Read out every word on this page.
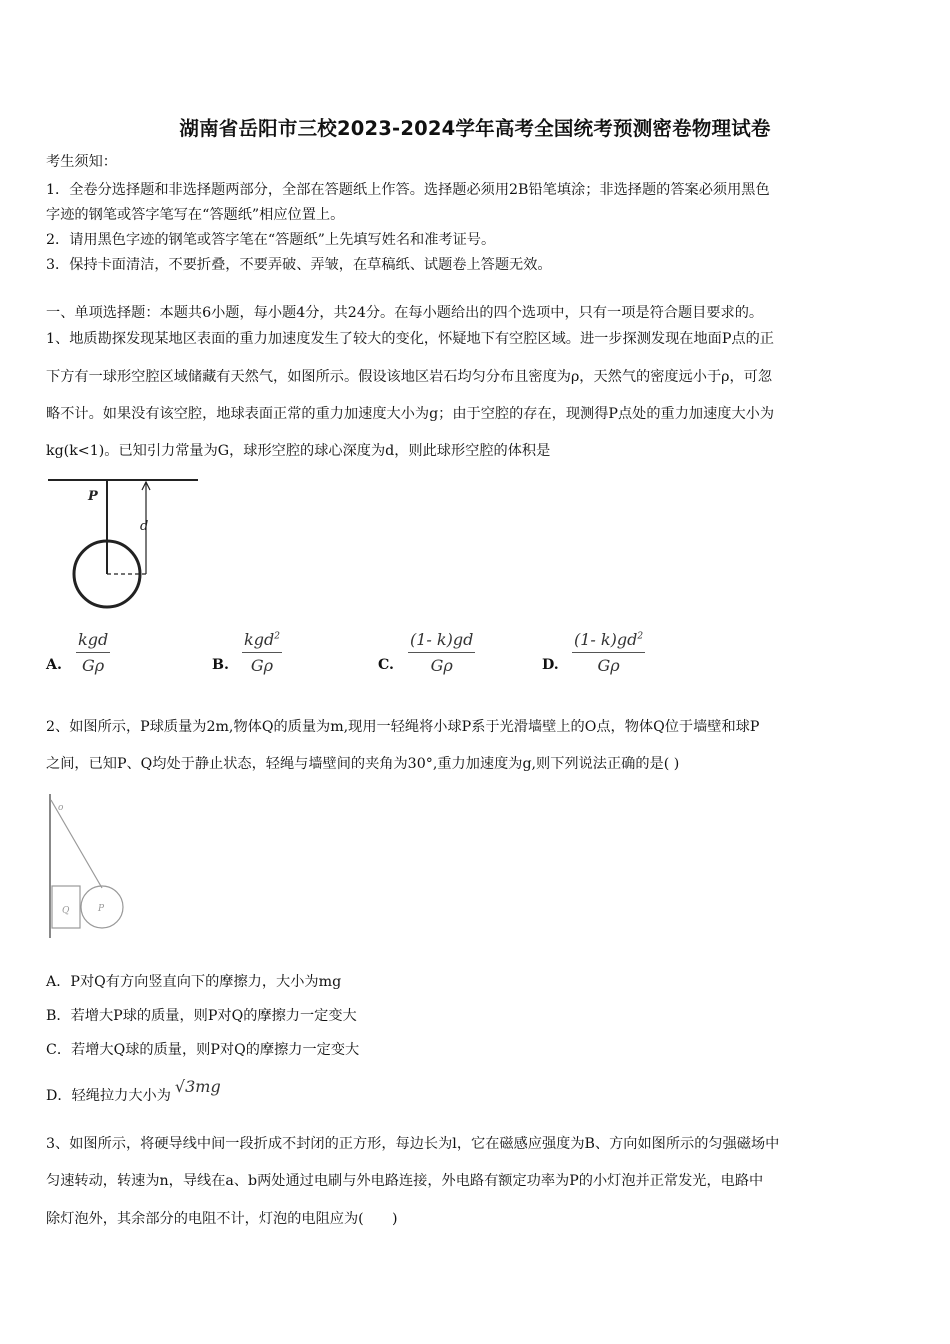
湖南省岳阳市三校2023-2024学年高考全国统考预测密卷物理试卷
考生须知：
1．全卷分选择题和非选择题两部分，全部在答题纸上作答。选择题必须用2B铅笔填涂；非选择题的答案必须用黑色
字迹的钢笔或答字笔写在“答题纸”相应位置上。
2．请用黑色字迹的钢笔或答字笔在“答题纸”上先填写姓名和准考证号。
3．保持卡面清洁，不要折叠，不要弄破、弄皱，在草稿纸、试题卷上答题无效。
一、单项选择题：本题共6小题，每小题4分，共24分。在每小题给出的四个选项中，只有一项是符合题目要求的。
1、地质勘探发现某地区表面的重力加速度发生了较大的变化，怀疑地下有空腔区域。进一步探测发现在地面P点的正
下方有一球形空腔区域储藏有天然气，如图所示。假设该地区岩石均匀分布且密度为ρ，天然气的密度远小于ρ，可忽
略不计。如果没有该空腔，地球表面正常的重力加速度大小为g；由于空腔的存在，现测得P点处的重力加速度大小为
kg(k<1)。已知引力常量为G，球形空腔的球心深度为d，则此球形空腔的体积是
P
d
A.
kgd
Gρ	B.
kgd$^2$
Gρ	C. $\frac{(1- k)gd}{G\rho}$	D. $\frac{(1- k)gd^2}{G\rho}$
2、如图所示，P球质量为2m,物体Q的质量为m,现用一轻绳将小球P系于光滑墙壁上的O点，物体Q位于墙壁和球P
之间，已知P、Q均处于静止状态，轻绳与墙壁间的夹角为30°,重力加速度为g,则下列说法正确的是( )
o
Q	P
A．P对Q有方向竖直向下的摩擦力，大小为mg
B．若增大P球的质量，则P对Q的摩擦力一定变大
C．若增大Q球的质量，则P对Q的摩擦力一定变大
D．轻绳拉力大小为 √3mg
3、如图所示，将硬导线中间一段折成不封闭的正方形，每边长为l，它在磁感应强度为B、方向如图所示的匀强磁场中
匀速转动，转速为n，导线在a、b两处通过电刷与外电路连接，外电路有额定功率为P的小灯泡并正常发光，电路中
除灯泡外，其余部分的电阻不计，灯泡的电阻应为(　　)
